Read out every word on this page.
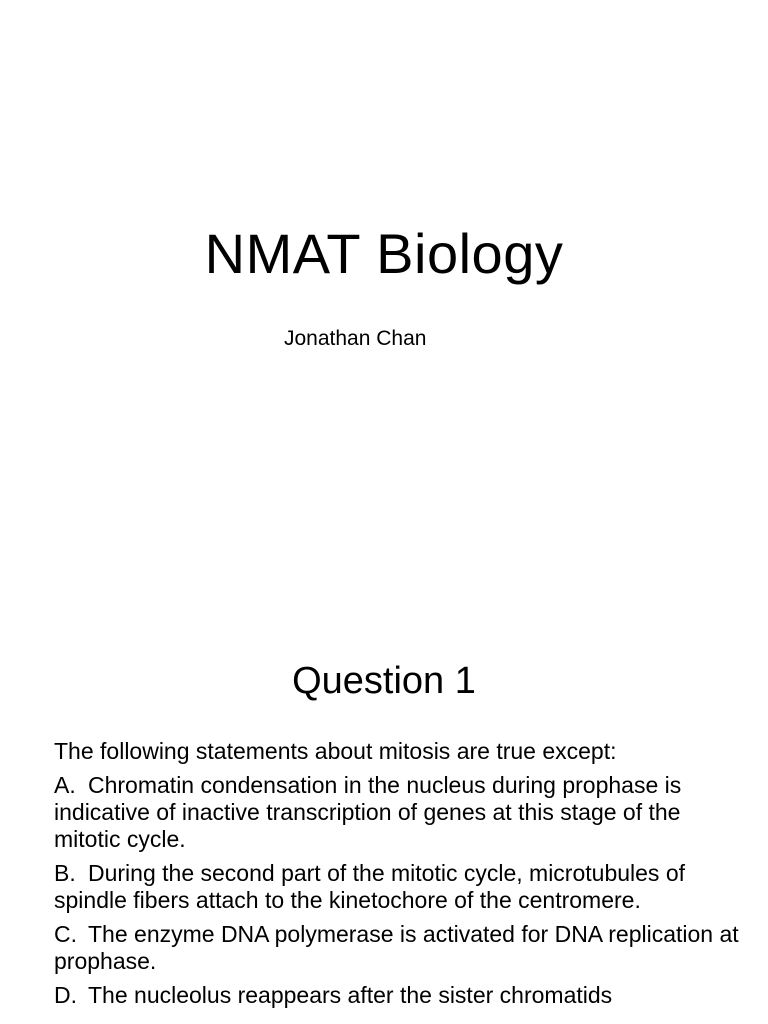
NMAT Biology
Jonathan Chan
Question 1

The following statements about mitosis are true except:

A. Chromatin condensation in the nucleus during prophase is indicative of inactive transcription of genes at this stage of the mitotic cycle.

B. During the second part of the mitotic cycle, microtubules of spindle fibers attach to the kinetochore of the centromere.

C. The enzyme DNA polymerase is activated for DNA replication at prophase.

D. The nucleolus reappears after the sister chromatids
